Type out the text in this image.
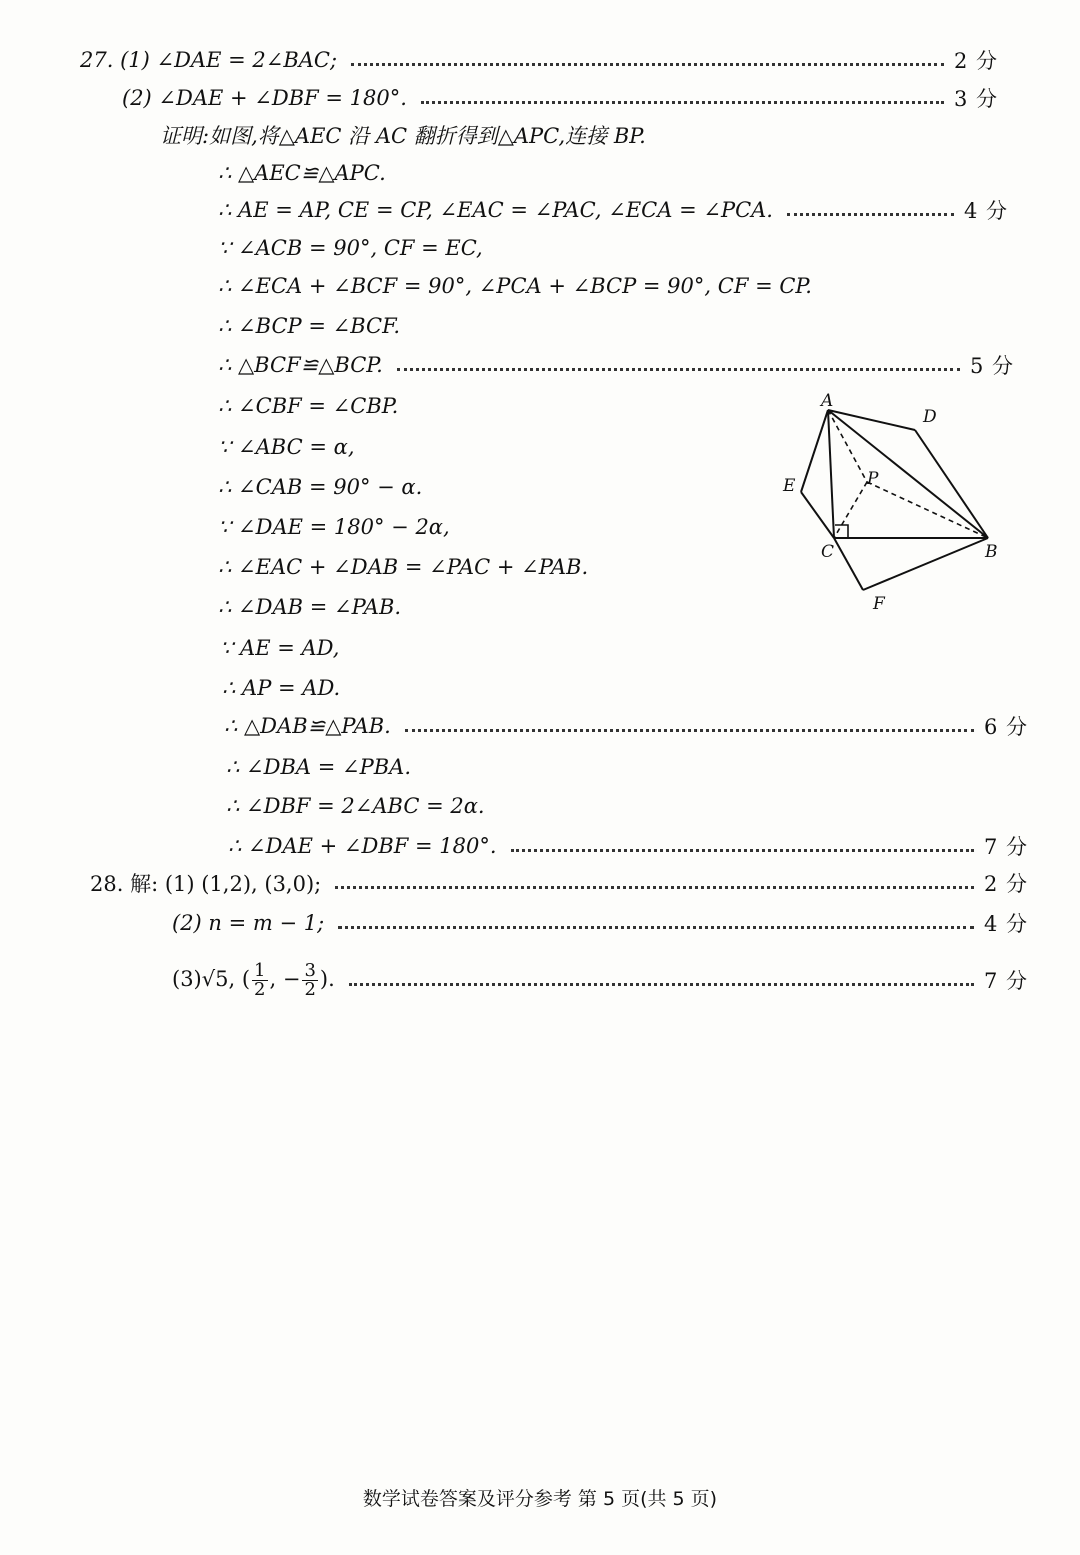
27. (1) ∠DAE = 2∠BAC;	2 分
(2) ∠DAE + ∠DBF = 180°.	3 分
证明:如图,将△AEC 沿 AC 翻折得到△APC,连接 BP.
∴ △AEC≌△APC.
∴ AE = AP, CE = CP, ∠EAC = ∠PAC, ∠ECA = ∠PCA.	4 分
∵ ∠ACB = 90°, CF = EC,
∴ ∠ECA + ∠BCF = 90°, ∠PCA + ∠BCP = 90°, CF = CP.
∴ ∠BCP = ∠BCF.
∴ △BCF≌△BCP.	5 分
∴ ∠CBF = ∠CBP.
∵ ∠ABC = α,
∴ ∠CAB = 90° − α.
∵ ∠DAE = 180° − 2α,
∴ ∠EAC + ∠DAB = ∠PAC + ∠PAB.
∴ ∠DAB = ∠PAB.
∵ AE = AD,
∴ AP = AD.
∴ △DAB≌△PAB.	6 分
∴ ∠DBA = ∠PBA.
∴ ∠DBF = 2∠ABC = 2α.
∴ ∠DAE + ∠DBF = 180°.	7 分
28. 解: (1) (1,2), (3,0);	2 分
(2) n = m − 1;	4 分
(3)√5, ( $\frac{1}{2}$ , − $\frac{3}{2}$ ).	7 分
A
D
E	P
C	B
F
数学试卷答案及评分参考 第 5 页(共 5 页)
